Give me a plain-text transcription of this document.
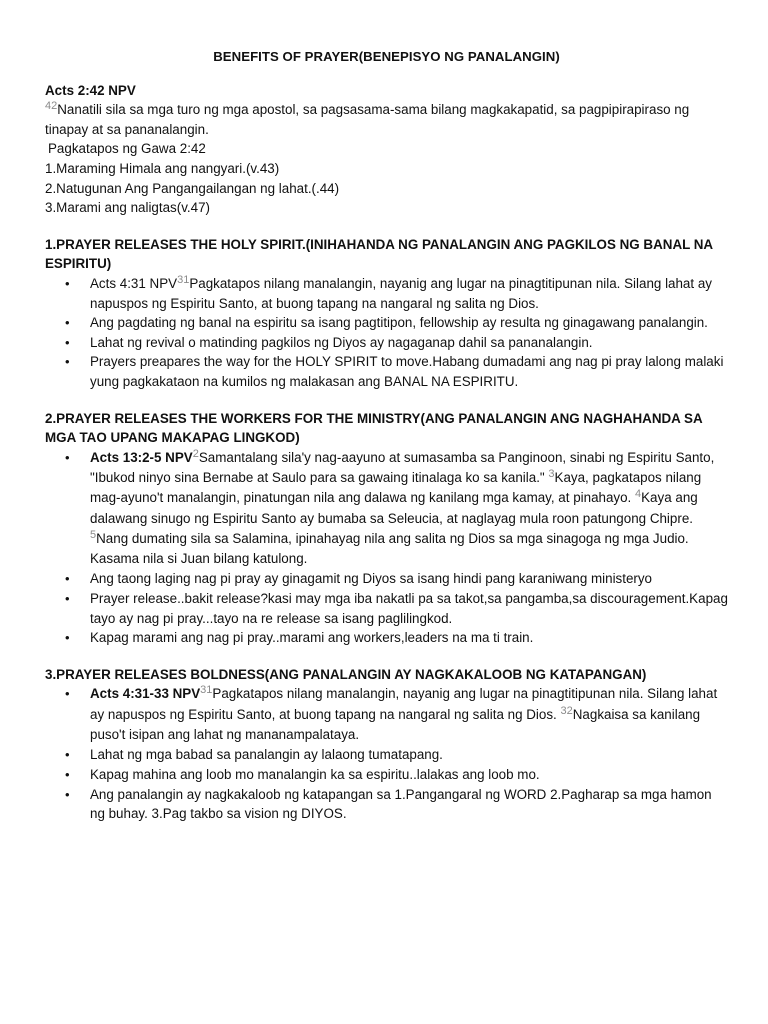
BENEFITS OF PRAYER(BENEPISYO NG PANALANGIN)
Acts 2:42 NPV
$^{42}$Nanatili sila sa mga turo ng mga apostol, sa pagsasama-sama bilang magkakapatid, sa pagpipirapiraso ng tinapay at sa pananalangin.
Pagkatapos ng Gawa 2:42
1.Maraming Himala ang nangyari.(v.43)
2.Natugunan Ang Pangangailangan ng lahat.(.44)
3.Marami ang naligtas(v.47)
1.PRAYER RELEASES THE HOLY SPIRIT.(INIHAHANDA NG PANALANGIN ANG PAGKILOS NG BANAL NA ESPIRITU)
• Acts 4:31 NPV$^{31}$Pagkatapos nilang manalangin, nayanig ang lugar na pinagtitipunan nila. Silang lahat ay napuspos ng Espiritu Santo, at buong tapang na nangaral ng salita ng Dios.
• Ang pagdating ng banal na espiritu sa isang pagtitipon, fellowship ay resulta ng ginagawang panalangin.
• Lahat ng revival o matinding pagkilos ng Diyos ay nagaganap dahil sa pananalangin.
• Prayers preapares the way for the HOLY SPIRIT to move.Habang dumadami ang nag pi pray lalong malaki yung pagkakataon na kumilos ng malakasan ang BANAL NA ESPIRITU.
2.PRAYER RELEASES THE WORKERS FOR THE MINISTRY(ANG PANALANGIN ANG NAGHAHANDA SA MGA TAO UPANG MAKAPAG LINGKOD)
• Acts 13:2-5 NPV$^2$Samantalang sila'y nag-aayuno at sumasamba sa Panginoon, sinabi ng Espiritu Santo, "Ibukod ninyo sina Bernabe at Saulo para sa gawaing itinalaga ko sa kanila." $^3$Kaya, pagkatapos nilang mag-ayuno't manalangin, pinatungan nila ang dalawa ng kanilang mga kamay, at pinahayo. $^4$Kaya ang dalawang sinugo ng Espiritu Santo ay bumaba sa Seleucia, at naglayag mula roon patungong Chipre. $^5$Nang dumating sila sa Salamina, ipinahayag nila ang salita ng Dios sa mga sinagoga ng mga Judio. Kasama nila si Juan bilang katulong.
• Ang taong laging nag pi pray ay ginagamit ng Diyos sa isang hindi pang karaniwang ministeryo
• Prayer release..bakit release?kasi may mga iba nakatli pa sa takot,sa pangamba,sa discouragement.Kapag tayo ay nag pi pray...tayo na re release sa isang paglilingkod.
• Kapag marami ang nag pi pray..marami ang workers,leaders na ma ti train.
3.PRAYER RELEASES BOLDNESS(ANG PANALANGIN AY NAGKAKALOOB NG KATAPANGAN)
• Acts 4:31-33 NPV$^{31}$Pagkatapos nilang manalangin, nayanig ang lugar na pinagtitipunan nila. Silang lahat ay napuspos ng Espiritu Santo, at buong tapang na nangaral ng salita ng Dios. $^{32}$Nagkaisa sa kanilang puso't isipan ang lahat ng mananampalataya.
• Lahat ng mga babad sa panalangin ay lalaong tumatapang.
• Kapag mahina ang loob mo manalangin ka sa espiritu..lalakas ang loob mo.
• Ang panalangin ay nagkakaloob ng katapangan sa 1.Pangangaral ng WORD 2.Pagharap sa mga hamon ng buhay. 3.Pag takbo sa vision ng DIYOS.
